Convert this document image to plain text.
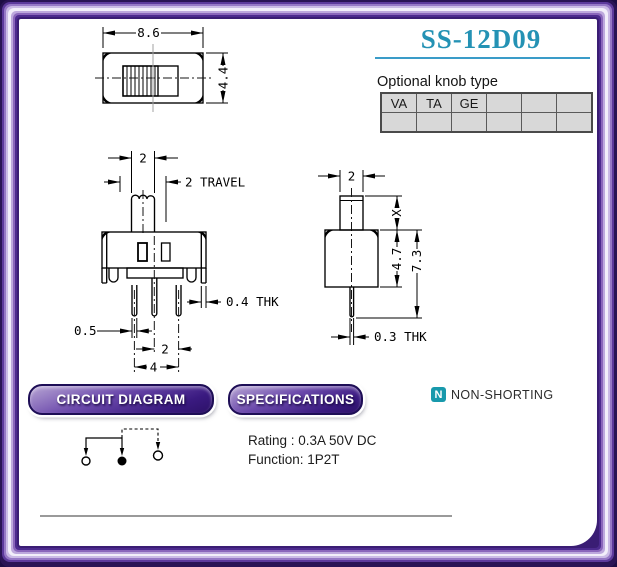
8.6
4.4
2
2 TRAVEL
0.4 THK
0.5
2
4
2
X
4.7 7.3
0.3 THK
SS-12D09
Optional knob type
VA	TA	GE			

CIRCUIT DIAGRAM	SPECIFICATIONS	N NON-SHORTING
Rating : 0.3A 50V DC
Function: 1P2T
